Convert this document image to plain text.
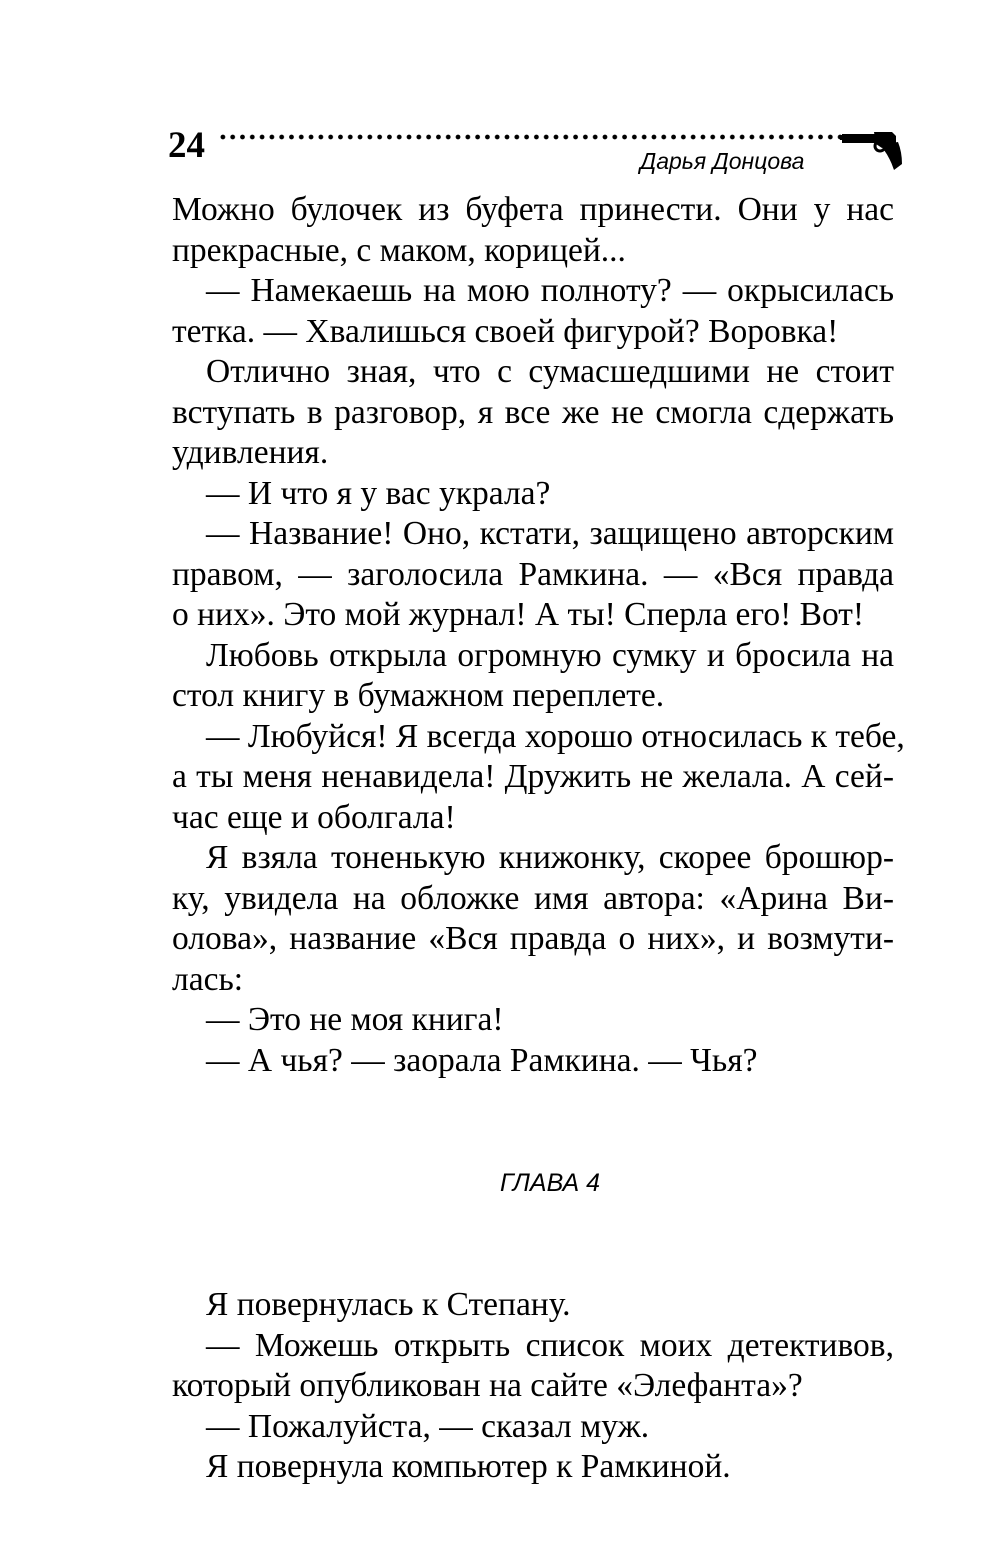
24	Дарья Донцова
Можно булочек из буфета принести. Они у нас
прекрасные, с маком, корицей...
— Намекаешь на мою полноту? — окрысилась
тетка. — Хвалишься своей фигурой? Воровка!
Отлично зная, что с сумасшедшими не стоит
вступать в разговор, я все же не смогла сдержать
удивления.
— И что я у вас украла?
— Название! Оно, кстати, защищено авторским
правом, — заголосила Рамкина. — «Вся правда
о них». Это мой журнал! А ты! Сперла его! Вот!
Любовь открыла огромную сумку и бросила на
стол книгу в бумажном переплете.
— Любуйся! Я всегда хорошо относилась к тебе,
а ты меня ненавидела! Дружить не желала. А сей-
час еще и оболгала!
Я взяла тоненькую книжонку, скорее брошюр-
ку, увидела на обложке имя автора: «Арина Ви-
олова», название «Вся правда о них», и возмути-
лась:
— Это не моя книга!
— А чья? — заорала Рамкина. — Чья?
ГЛАВА 4
Я повернулась к Степану.
— Можешь открыть список моих детективов,
который опубликован на сайте «Элефанта»?
— Пожалуйста, — сказал муж.
Я повернула компьютер к Рамкиной.
